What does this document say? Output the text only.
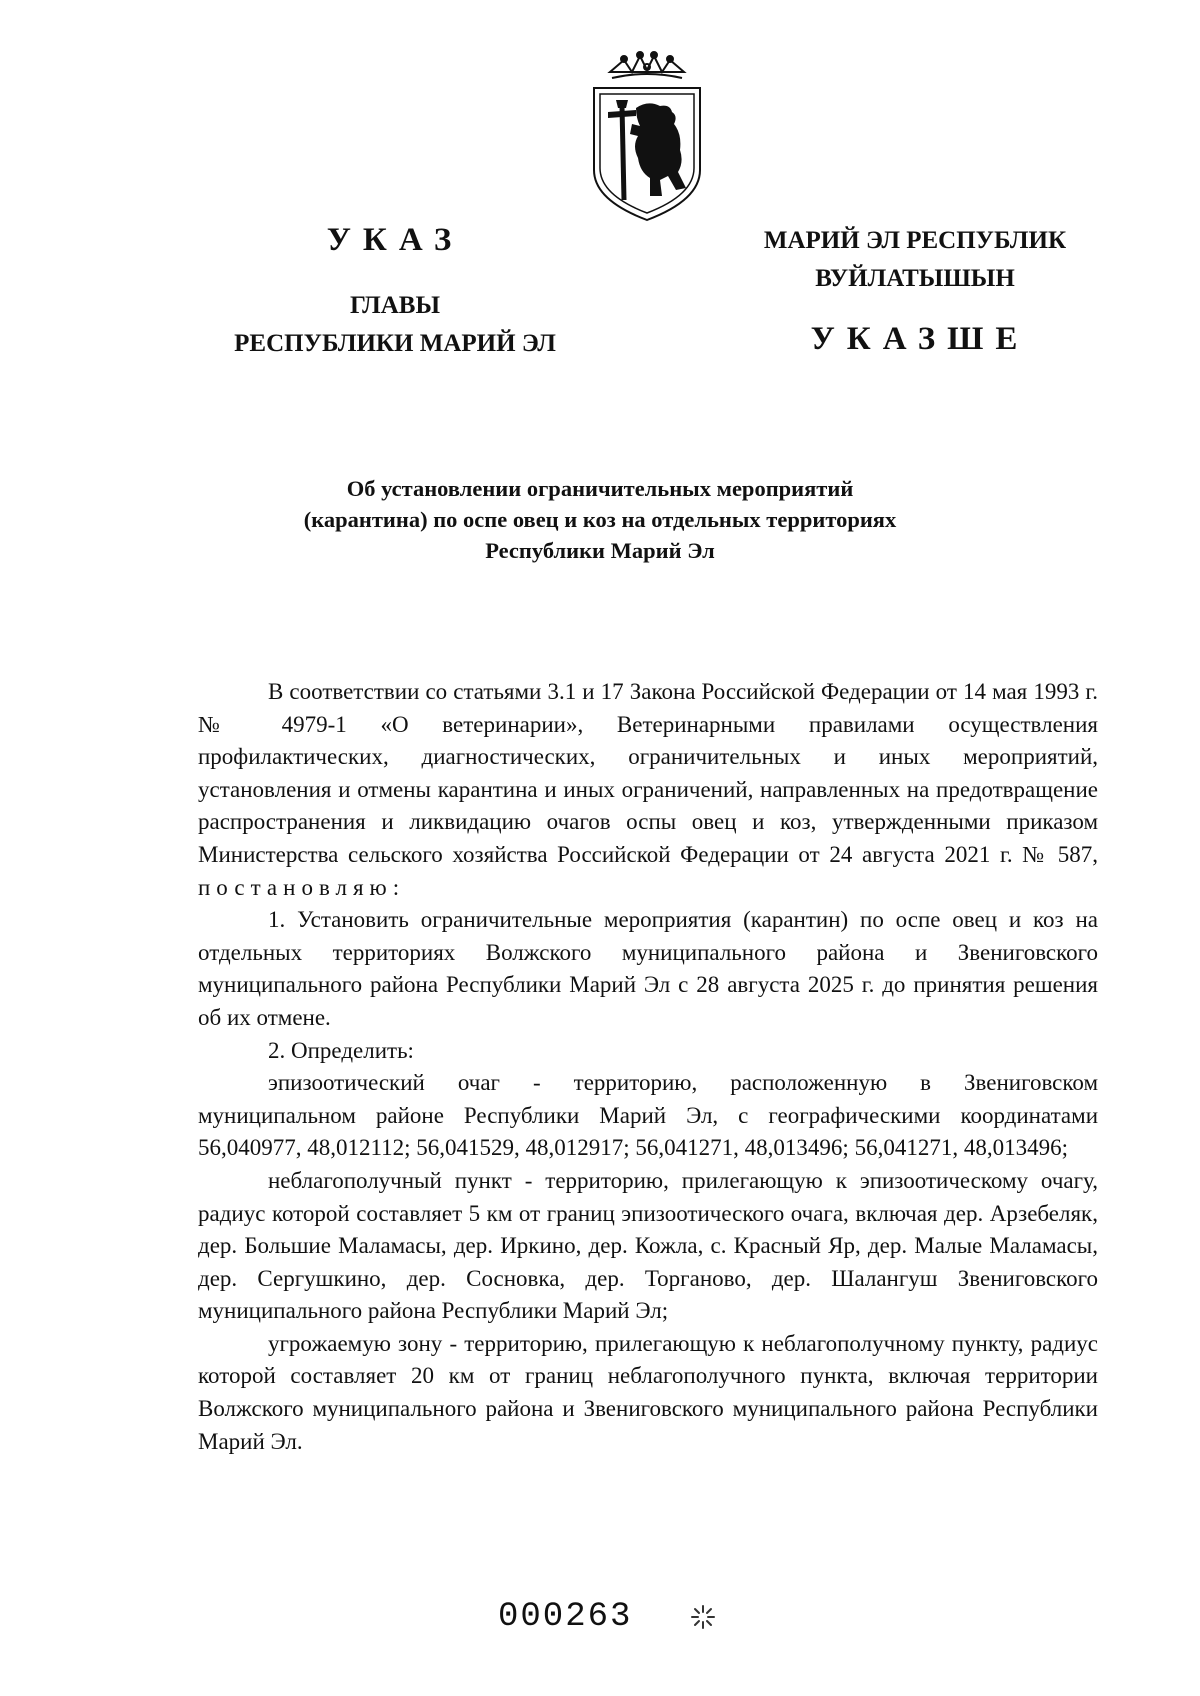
УКАЗ
ГЛАВЫ
РЕСПУБЛИКИ МАРИЙ ЭЛ
МАРИЙ ЭЛ РЕСПУБЛИК
ВУЙЛАТЫШЫН
УКАЗШЕ
Об установлении ограничительных мероприятий
(карантина) по оспе овец и коз на отдельных территориях
Республики Марий Эл

В соответствии со статьями 3.1 и 17 Закона Российской Федерации от 14 мая 1993 г. № 4979-1 «О ветеринарии», Ветеринарными правилами осуществления профилактических, диагностических, ограничительных и иных мероприятий, установления и отмены карантина и иных ограничений, направленных на предотвращение распространения и ликвидацию очагов оспы овец и коз, утвержденными приказом Министерства сельского хозяйства Российской Федерации от 24 августа 2021 г. № 587, постановляю:

1. Установить ограничительные мероприятия (карантин) по оспе овец и коз на отдельных территориях Волжского муниципального района и Звениговского муниципального района Республики Марий Эл с 28 августа 2025 г. до принятия решения об их отмене.

2. Определить:

эпизоотический очаг - территорию, расположенную в Звениговском муниципальном районе Республики Марий Эл, с географическими координатами 56,040977, 48,012112; 56,041529, 48,012917; 56,041271, 48,013496; 56,041271, 48,013496;

неблагополучный пункт - территорию, прилегающую к эпизоотическому очагу, радиус которой составляет 5 км от границ эпизоотического очага, включая дер. Арзебеляк, дер. Большие Маламасы, дер. Иркино, дер. Кожла, с. Красный Яр, дер. Малые Маламасы, дер. Сергушкино, дер. Сосновка, дер. Торганово, дер. Шалангуш Звениговского муниципального района Республики Марий Эл;

угрожаемую зону - территорию, прилегающую к неблагополучному пункту, радиус которой составляет 20 км от границ неблагополучного пункта, включая территории Волжского муниципального района и Звениговского муниципального района Республики Марий Эл.

000263
